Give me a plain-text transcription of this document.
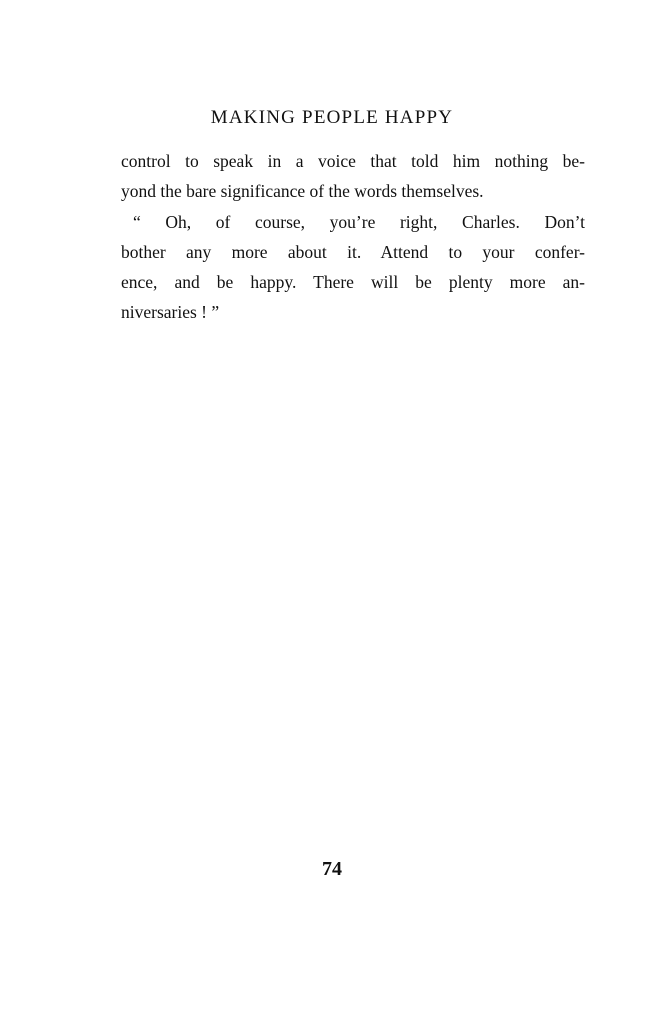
MAKING PEOPLE HAPPY
control to speak in a voice that told him nothing be-
yond the bare significance of the words themselves.
“ Oh, of course, you’re right, Charles. Don’t
bother any more about it. Attend to your confer-
ence, and be happy. There will be plenty more an-
niversaries ! ”
74
